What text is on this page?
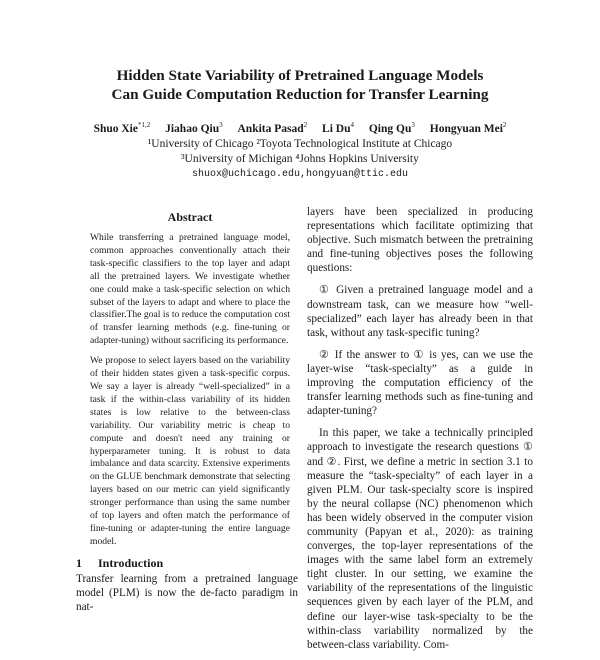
Hidden State Variability of Pretrained Language Models

Can Guide Computation Reduction for Transfer Learning

Shuo Xie$^{*1,2}$ Jiahao Qiu$^3$ Ankita Pasad$^2$ Li Du$^4$ Qing Qu$^3$ Hongyuan Mei$^2$
¹University of Chicago ²Toyota Technological Institute at Chicago
³University of Michigan ⁴Johns Hopkins University
shuox@uchicago.edu,hongyuan@ttic.edu
Abstract

While transferring a pretrained language model, common approaches conventionally attach their task-specific classifiers to the top layer and adapt all the pretrained layers. We investigate whether one could make a task-specific selection on which subset of the layers to adapt and where to place the classifier.The goal is to reduce the computation cost of transfer learning methods (e.g. fine-tuning or adapter-tuning) without sacrificing its performance.

We propose to select layers based on the variability of their hidden states given a task-specific corpus. We say a layer is already “well-specialized” in a task if the within-class variability of its hidden states is low relative to the between-class variability. Our variability metric is cheap to compute and doesn't need any training or hyperparameter tuning. It is robust to data imbalance and data scarcity. Extensive experiments on the GLUE benchmark demonstrate that selecting layers based on our metric can yield significantly stronger performance than using the same number of top layers and often match the performance of fine-tuning or adapter-tuning the entire language model.

1 Introduction

Transfer learning from a pretrained language model (PLM) is now the de-facto paradigm in nat-

layers have been specialized in producing representations which facilitate optimizing that objective. Such mismatch between the pretraining and fine-tuning objectives poses the following questions:

① Given a pretrained language model and a downstream task, can we measure how “well-specialized” each layer has already been in that task, without any task-specific tuning?

② If the answer to ① is yes, can we use the layer-wise “task-specialty” as a guide in improving the computation efficiency of the transfer learning methods such as fine-tuning and adapter-tuning?

In this paper, we take a technically principled approach to investigate the research questions ① and ②. First, we define a metric in section 3.1 to measure the “task-specialty” of each layer in a given PLM. Our task-specialty score is inspired by the neural collapse (NC) phenomenon which has been widely observed in the computer vision community (Papyan et al., 2020): as training converges, the top-layer representations of the images with the same label form an extremely tight cluster. In our setting, we examine the variability of the representations of the linguistic sequences given by each layer of the PLM, and define our layer-wise task-specialty to be the within-class variability normalized by the between-class variability. Com-
